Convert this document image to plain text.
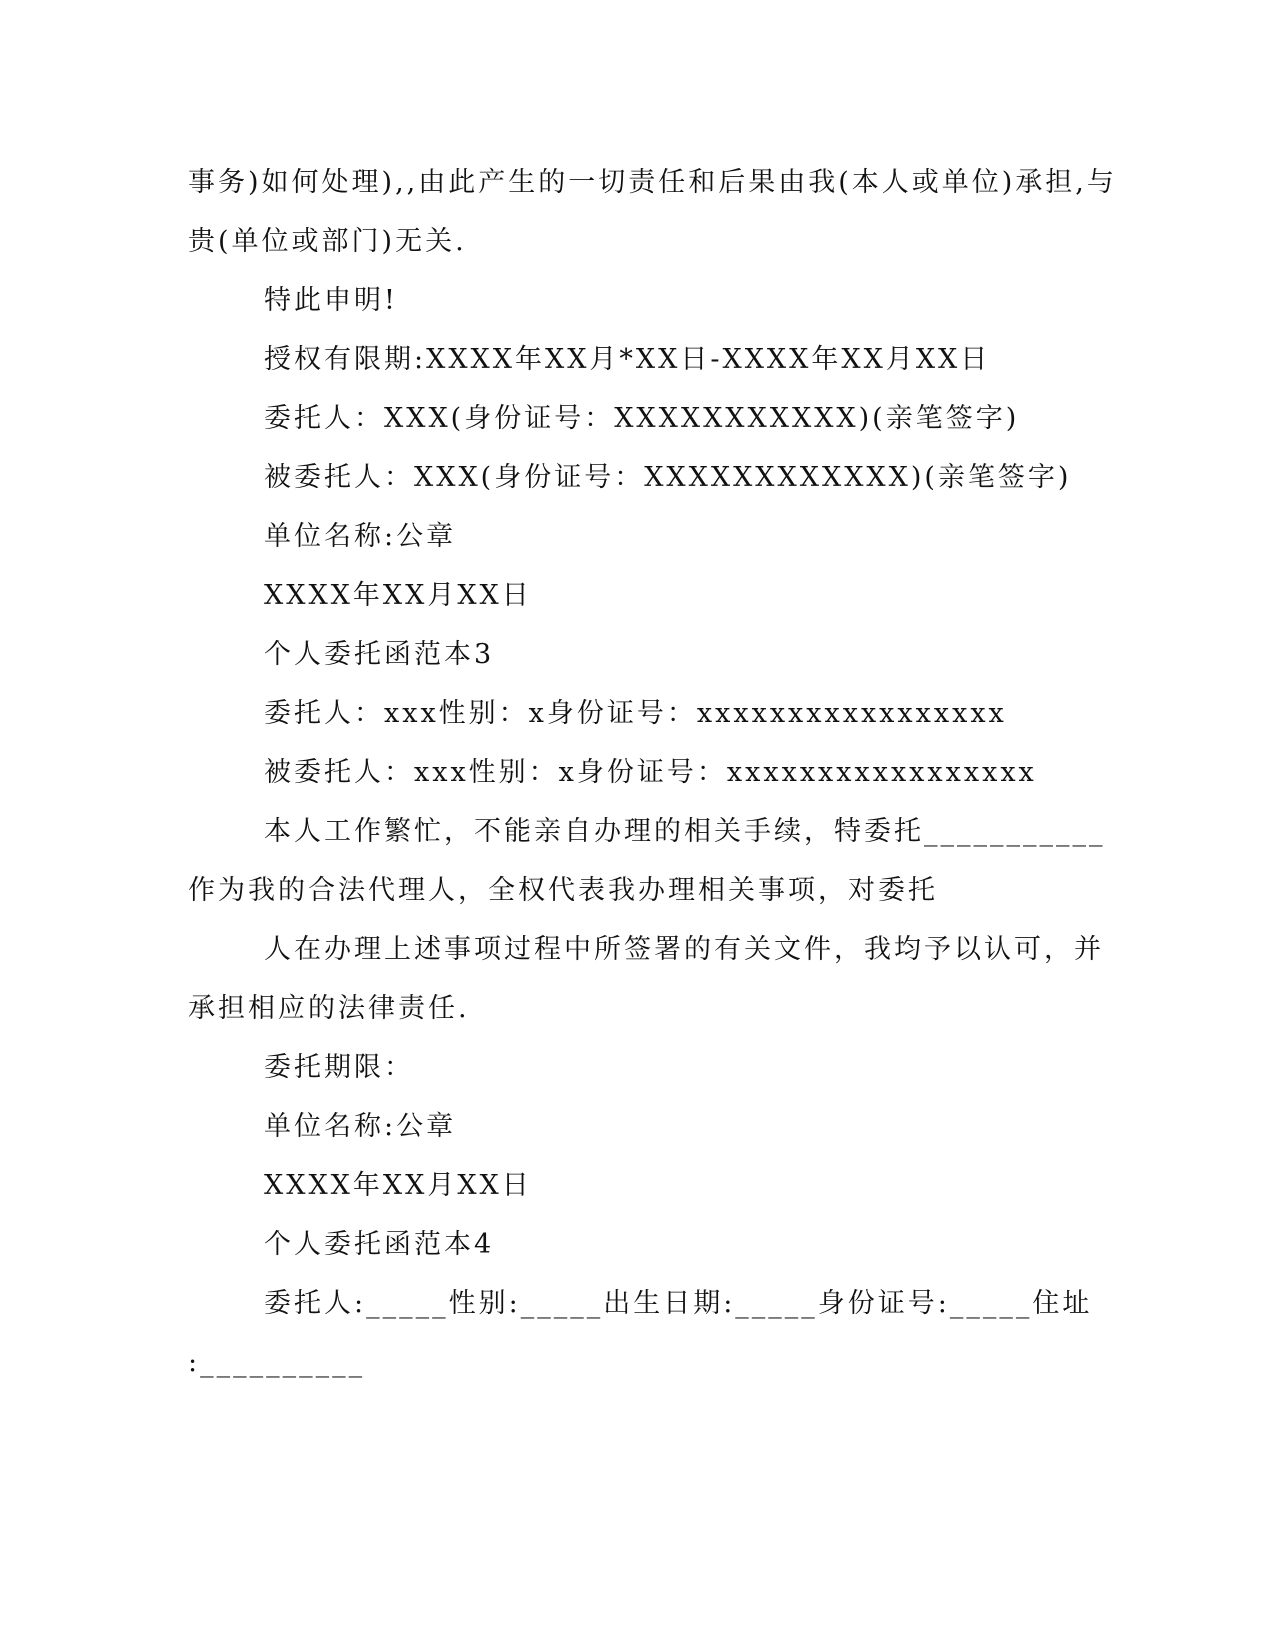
事务)如何处理),,由此产生的一切责任和后果由我(本人或单位)承担,与
贵(单位或部门)无关.
特此申明!
授权有限期:XXXX年XX月*XX日-XXXX年XX月XX日
委托人：XXX(身份证号：XXXXXXXXXXX)(亲笔签字)
被委托人：XXX(身份证号：XXXXXXXXXXXX)(亲笔签字)
单位名称:公章
XXXX年XX月XX日
个人委托函范本3
委托人：xxx性别：x身份证号：xxxxxxxxxxxxxxxxx
被委托人：xxx性别：x身份证号：xxxxxxxxxxxxxxxxx
本人工作繁忙，不能亲自办理的相关手续，特委托___________
作为我的合法代理人，全权代表我办理相关事项，对委托
人在办理上述事项过程中所签署的有关文件，我均予以认可，并
承担相应的法律责任.
委托期限：
单位名称:公章
XXXX年XX月XX日
个人委托函范本4
委托人:_____性别:_____出生日期:_____身份证号:_____住址
:__________
